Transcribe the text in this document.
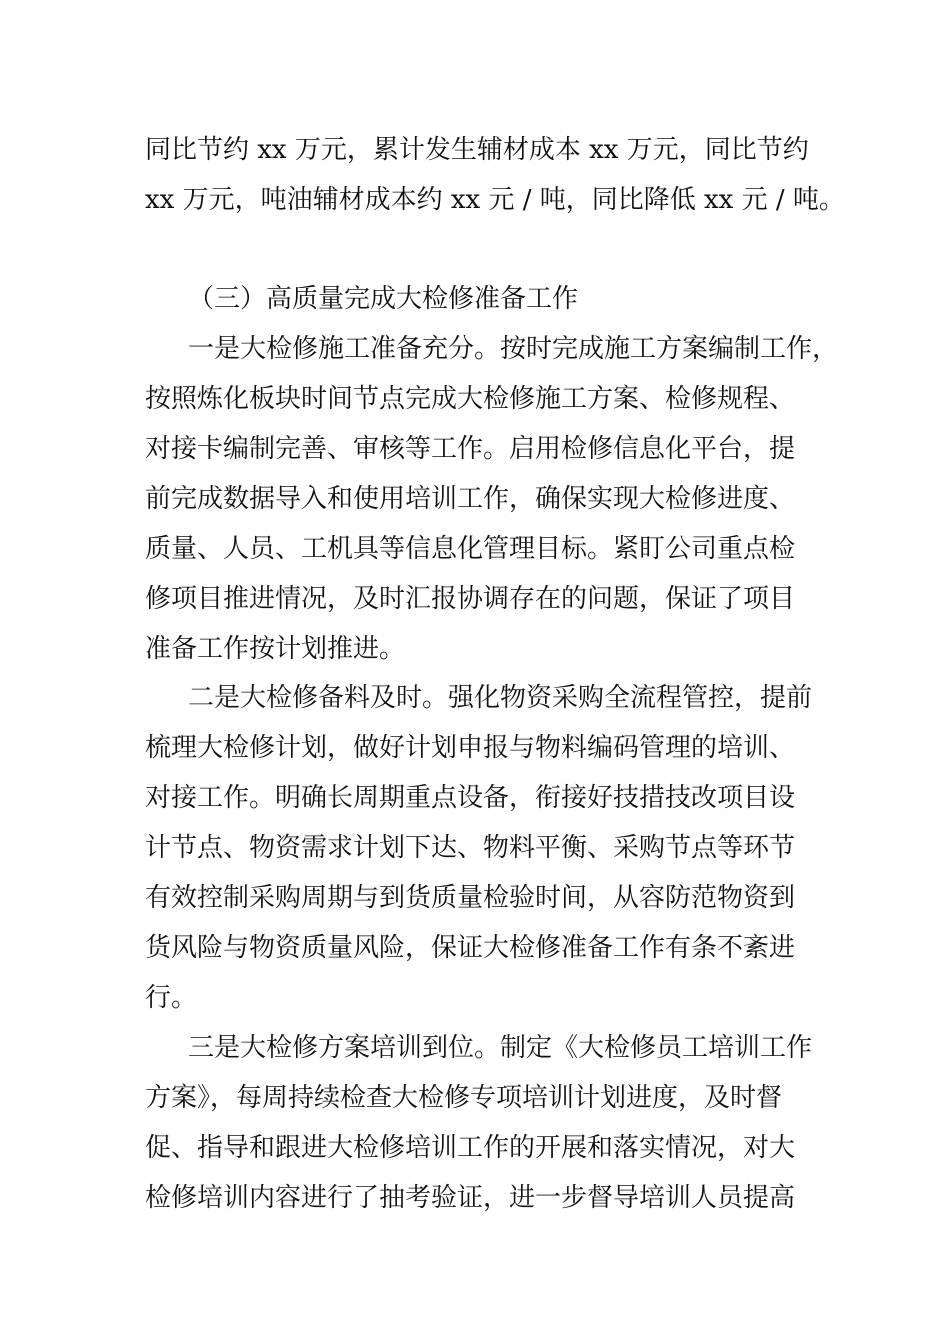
同比节约 xx 万元，累计发生辅材成本 xx 万元，同比节约
xx 万元，吨油辅材成本约 xx 元 / 吨，同比降低 xx 元 / 吨。
（三）高质量完成大检修准备工作
一是大检修施工准备充分。按时完成施工方案编制工作，
按照炼化板块时间节点完成大检修施工方案、检修规程、
对接卡编制完善、审核等工作。启用检修信息化平台，提
前完成数据导入和使用培训工作，确保实现大检修进度、
质量、人员、工机具等信息化管理目标。紧盯公司重点检
修项目推进情况，及时汇报协调存在的问题，保证了项目
准备工作按计划推进。
二是大检修备料及时。强化物资采购全流程管控，提前
梳理大检修计划，做好计划申报与物料编码管理的培训、
对接工作。明确长周期重点设备，衔接好技措技改项目设
计节点、物资需求计划下达、物料平衡、采购节点等环节
有效控制采购周期与到货质量检验时间，从容防范物资到
货风险与物资质量风险，保证大检修准备工作有条不紊进
行。
三是大检修方案培训到位。制定《大检修员工培训工作
方案》，每周持续检查大检修专项培训计划进度，及时督
促、指导和跟进大检修培训工作的开展和落实情况，对大
检修培训内容进行了抽考验证，进一步督导培训人员提高
